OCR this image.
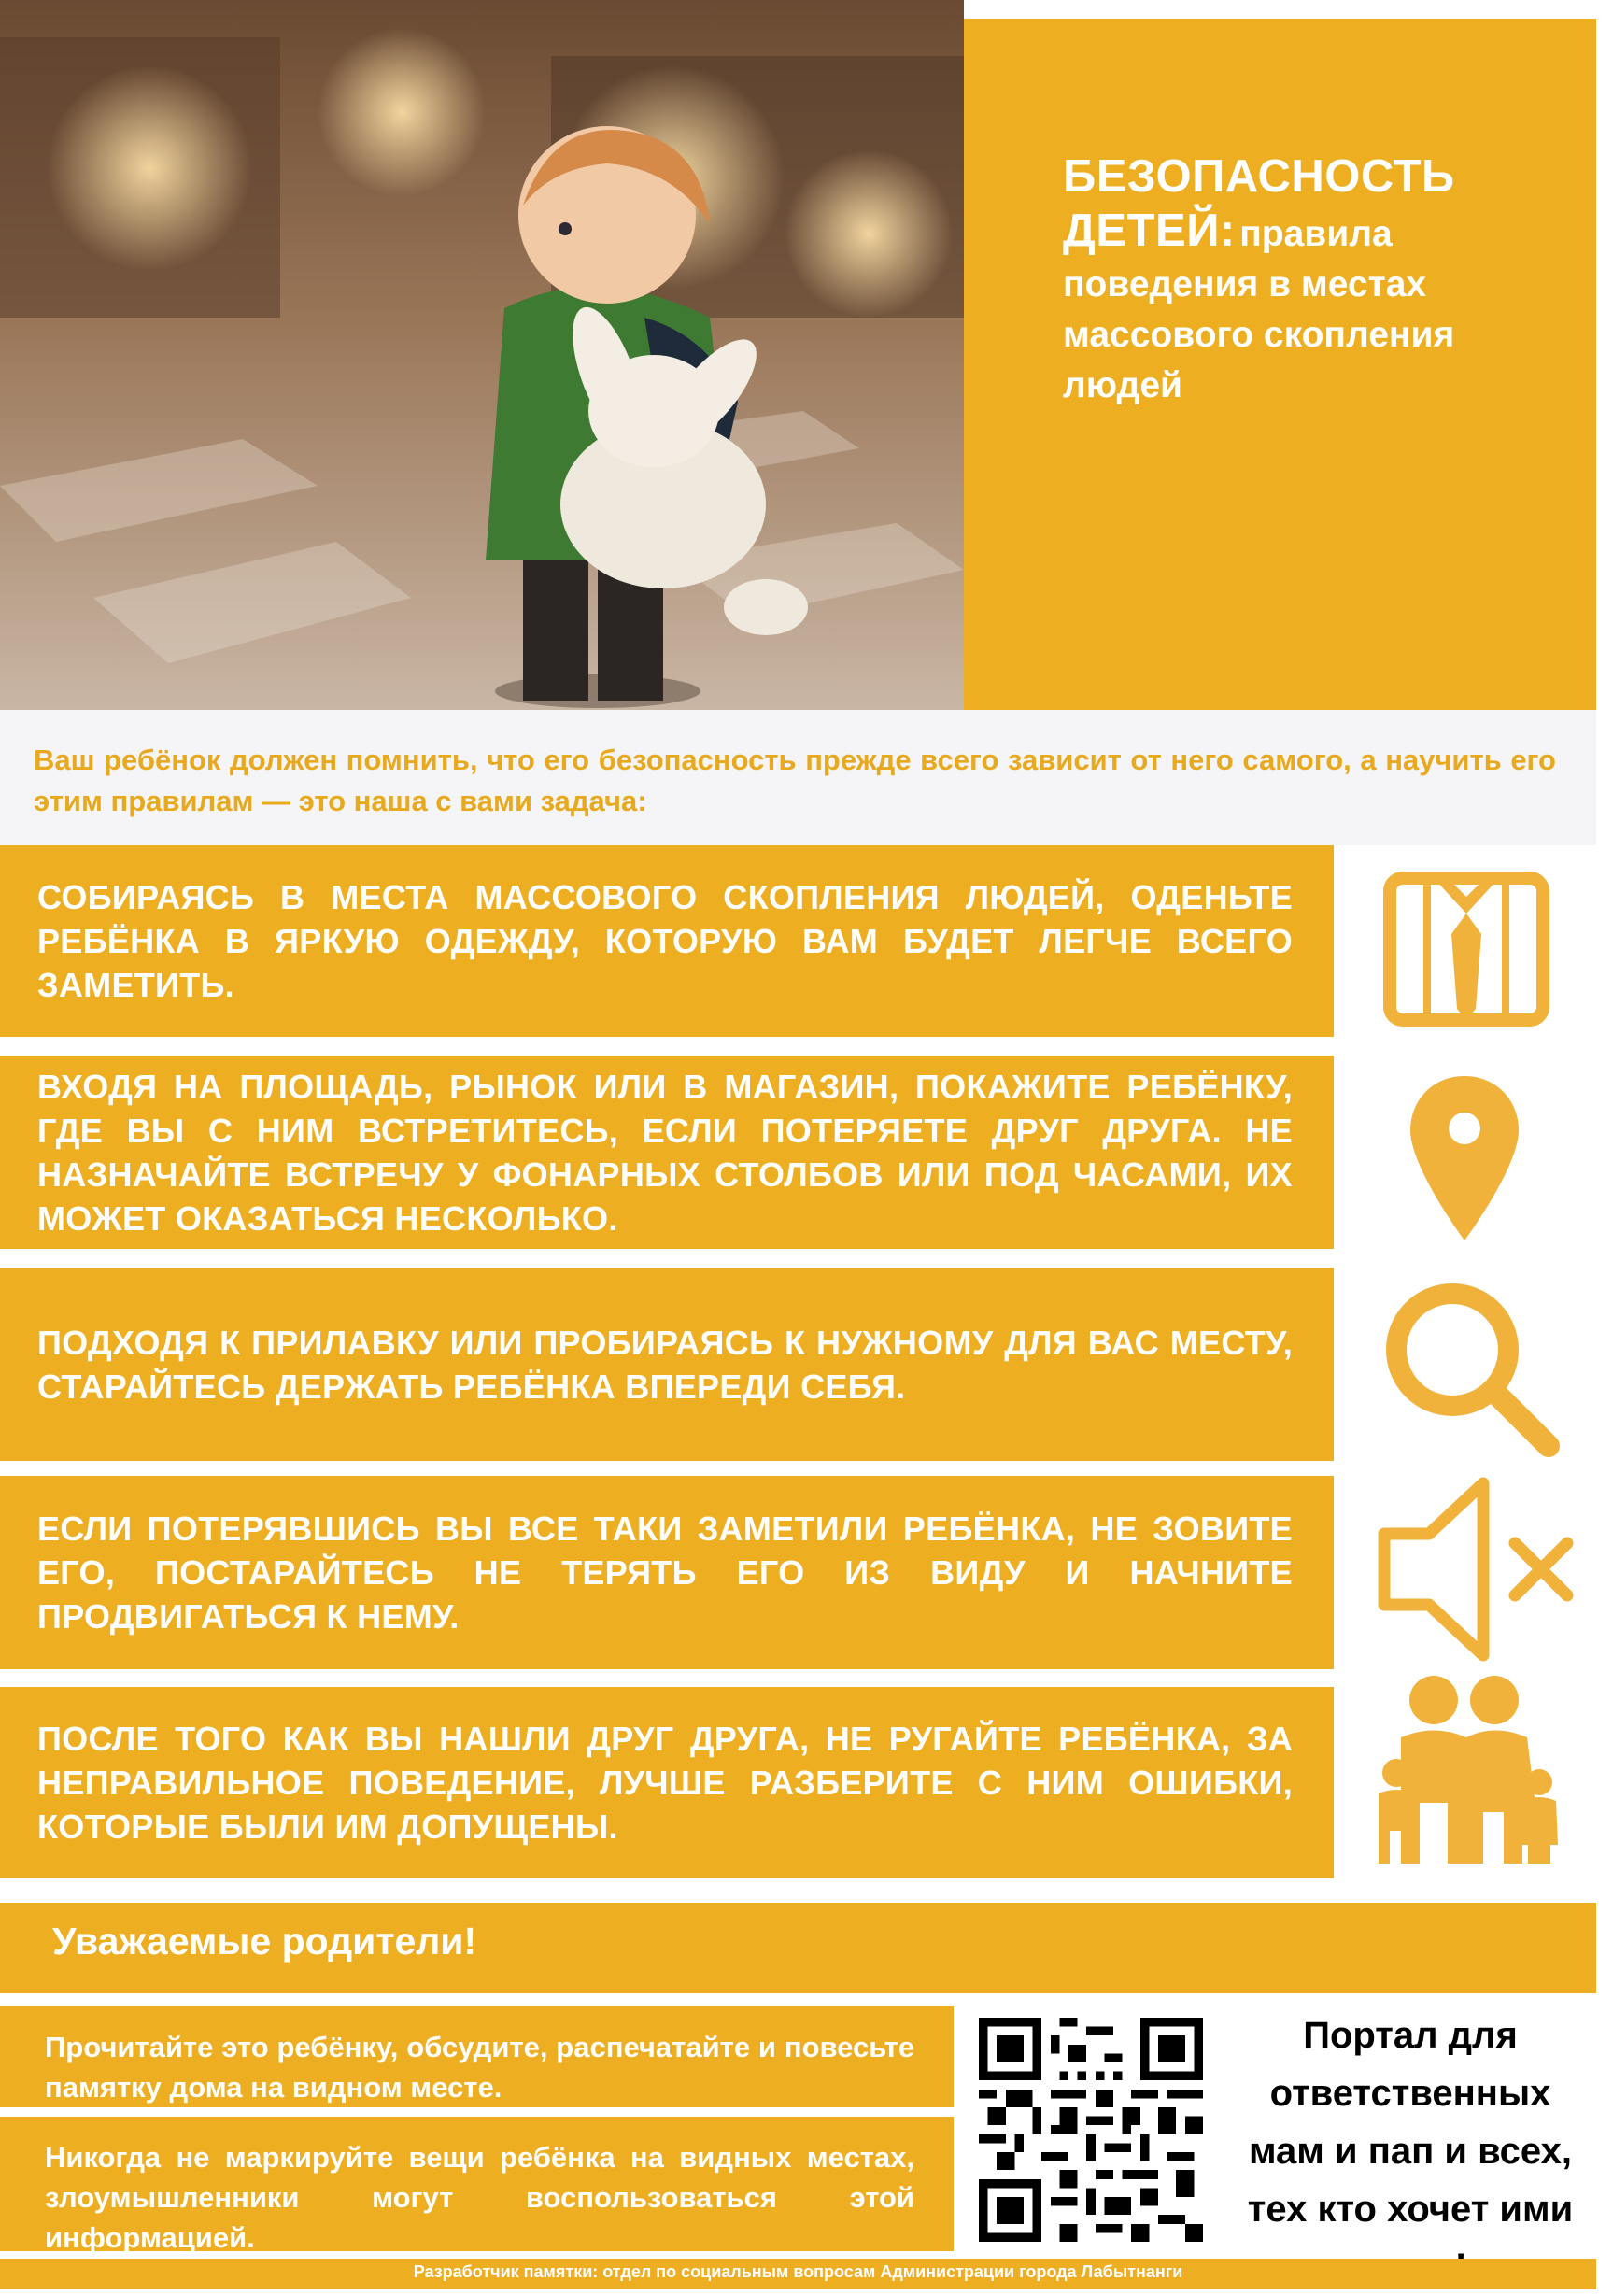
БЕЗОПАСНОСТЬ ДЕТЕЙ: правила поведения в местах массового скопления людей
Ваш ребёнок должен помнить, что его безопасность прежде всего зависит от него самого, а научить его этим правилам — это наша с вами задача:
СОБИРАЯСЬ В МЕСТА МАССОВОГО СКОПЛЕНИЯ ЛЮДЕЙ, ОДЕНЬТЕ РЕБЁНКА В ЯРКУЮ ОДЕЖДУ, КОТОРУЮ ВАМ БУДЕТ ЛЕГЧЕ ВСЕГО ЗАМЕТИТЬ.
ВХОДЯ НА ПЛОЩАДЬ, РЫНОК ИЛИ В МАГАЗИН, ПОКАЖИТЕ РЕБЁНКУ, ГДЕ ВЫ С НИМ ВСТРЕТИТЕСЬ, ЕСЛИ ПОТЕРЯЕТЕ ДРУГ ДРУГА. НЕ НАЗНАЧАЙТЕ ВСТРЕЧУ У ФОНАРНЫХ СТОЛБОВ ИЛИ ПОД ЧАСАМИ, ИХ МОЖЕТ ОКАЗАТЬСЯ НЕСКОЛЬКО.
ПОДХОДЯ К ПРИЛАВКУ ИЛИ ПРОБИРАЯСЬ К НУЖНОМУ ДЛЯ ВАС МЕСТУ, СТАРАЙТЕСЬ ДЕРЖАТЬ РЕБЁНКА ВПЕРЕДИ СЕБЯ.
ЕСЛИ ПОТЕРЯВШИСЬ ВЫ ВСЕ ТАКИ ЗАМЕТИЛИ РЕБЁНКА, НЕ ЗОВИТЕ ЕГО, ПОСТАРАЙТЕСЬ НЕ ТЕРЯТЬ ЕГО ИЗ ВИДУ И НАЧНИТЕ ПРОДВИГАТЬСЯ К НЕМУ.
ПОСЛЕ ТОГО КАК ВЫ НАШЛИ ДРУГ ДРУГА, НЕ РУГАЙТЕ РЕБЁНКА, ЗА НЕПРАВИЛЬНОЕ ПОВЕДЕНИЕ, ЛУЧШЕ РАЗБЕРИТЕ С НИМ ОШИБКИ, КОТОРЫЕ БЫЛИ ИМ ДОПУЩЕНЫ.
Уважаемые родители!
Прочитайте это ребёнку, обсудите, распечатайте и повесьте памятку дома на видном месте.
Никогда не маркируйте вещи ребёнка на видных местах, злоумышленники могут воспользоваться этой информацией.
Портал для ответственных мам и пап и всех, тех кто хочет ими
Разработчик памятки: отдел по социальным вопросам Администрации города Лабытнанги
